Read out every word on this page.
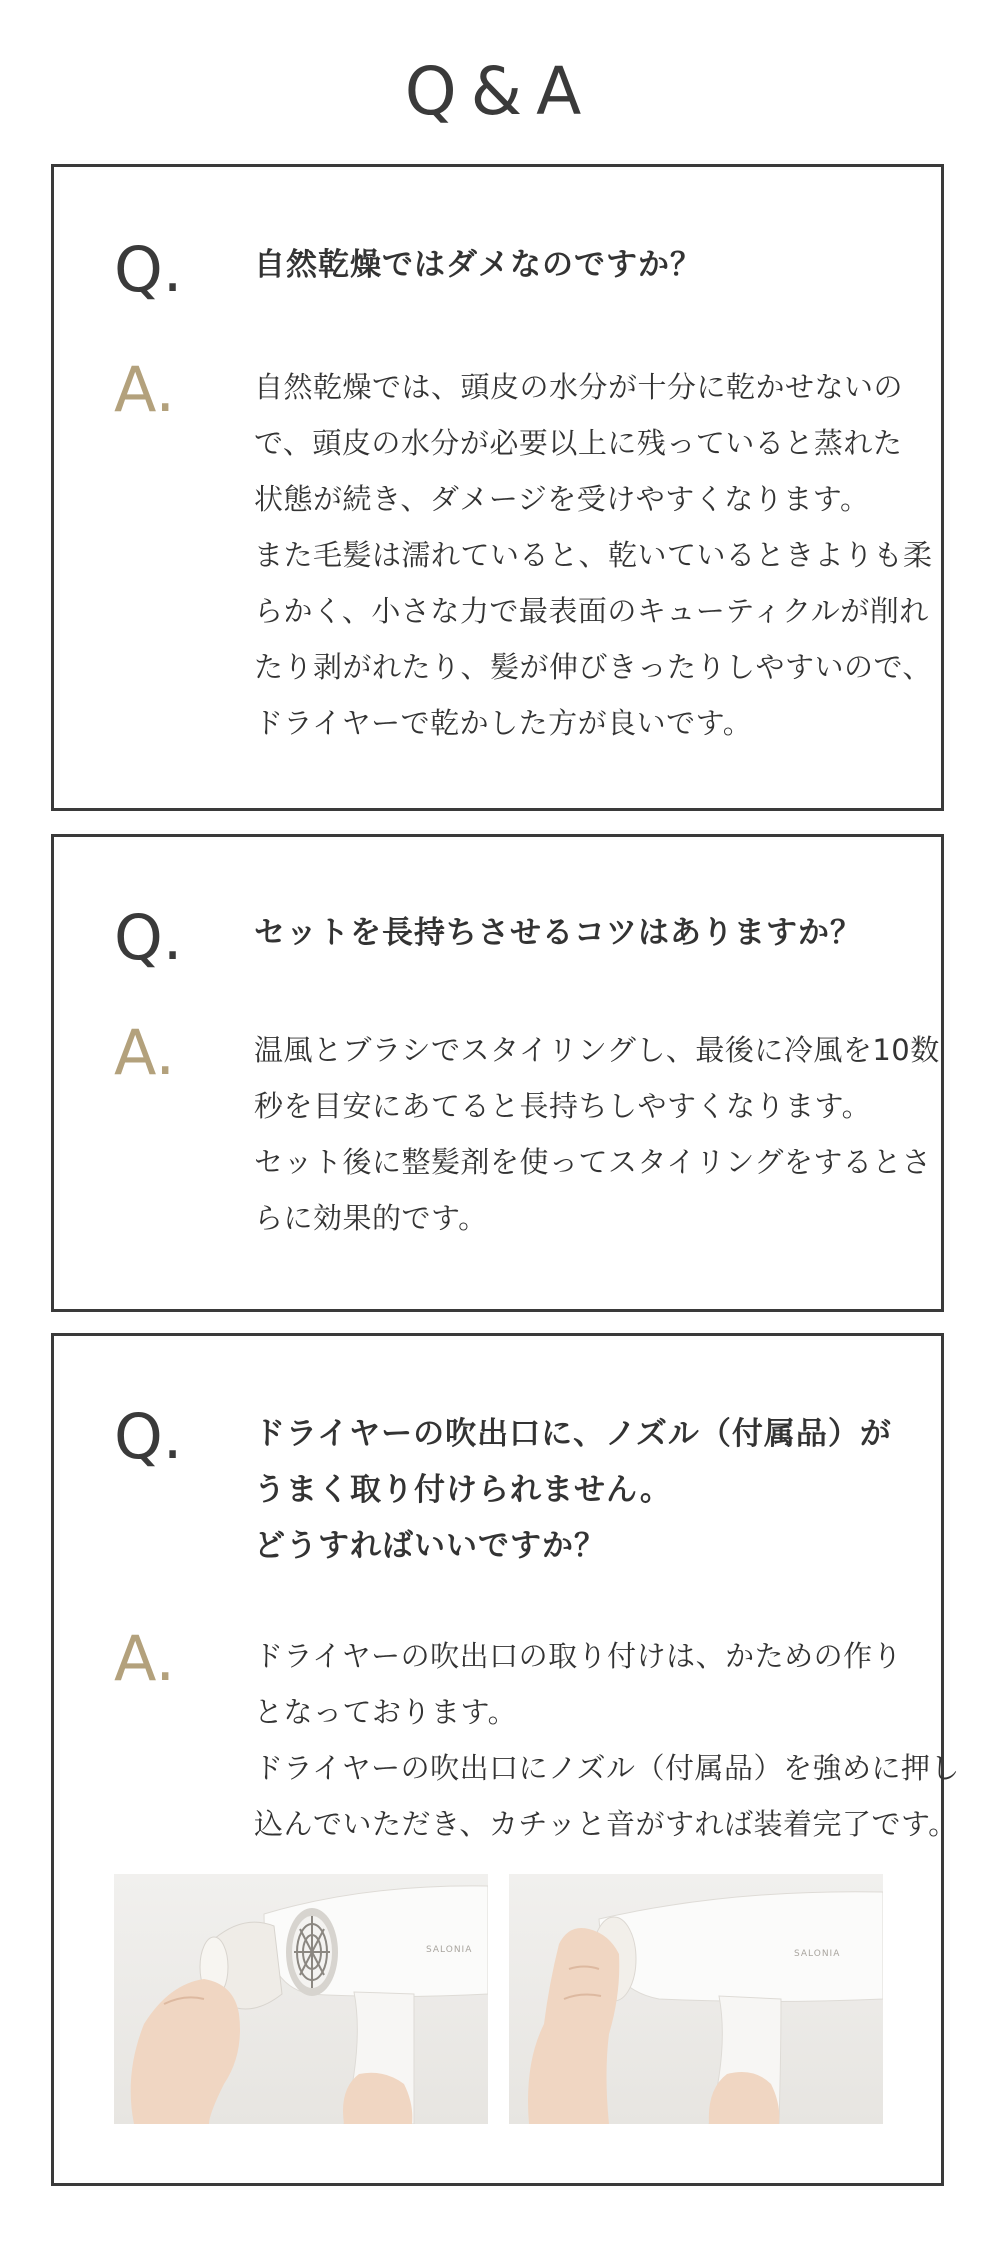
Q&A
Q.	自然乾燥ではダメなのですか？
A.	自然乾燥では、頭皮の水分が十分に乾かせないの
で、頭皮の水分が必要以上に残っていると蒸れた
状態が続き、ダメージを受けやすくなります。
また毛髪は濡れていると、乾いているときよりも柔
らかく、小さな力で最表面のキューティクルが削れ
たり剥がれたり、髪が伸びきったりしやすいので、
ドライヤーで乾かした方が良いです。
Q.	セットを長持ちさせるコツはありますか？
A.	温風とブラシでスタイリングし、最後に冷風を10数
秒を目安にあてると長持ちしやすくなります。
セット後に整髪剤を使ってスタイリングをするとさ
らに効果的です。
Q.	ドライヤーの吹出口に、ノズル（付属品）が
うまく取り付けられません。
どうすればいいですか？
A.	ドライヤーの吹出口の取り付けは、かための作り
となっております。
ドライヤーの吹出口にノズル（付属品）を強めに押し
込んでいただき、カチッと音がすれば装着完了です。
SALONIA	SALONIA
